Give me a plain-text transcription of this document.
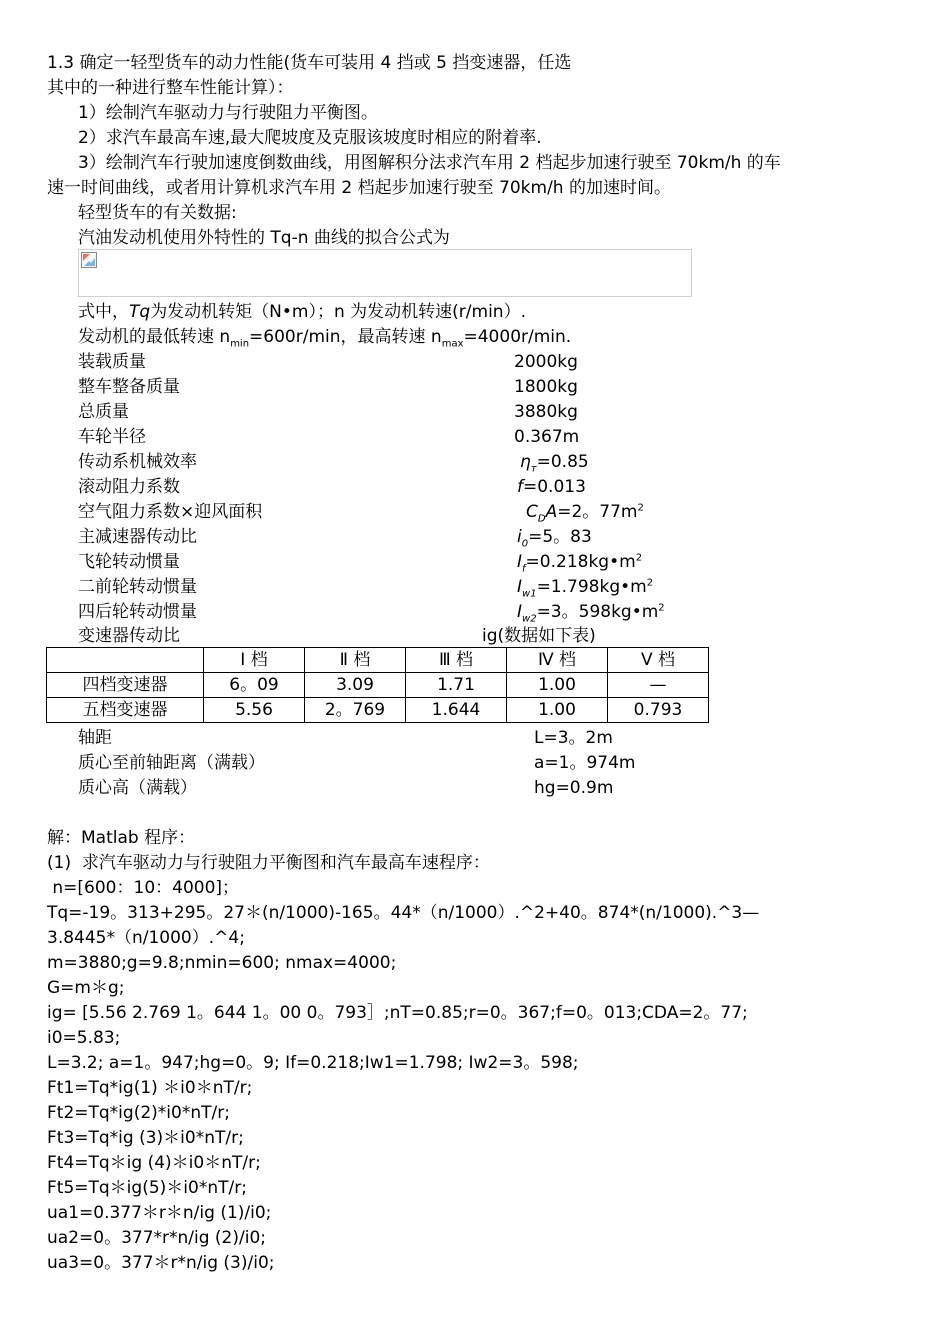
1.3 确定一轻型货车的动力性能(货车可装用 4 挡或 5 挡变速器，任选
其中的一种进行整车性能计算）：
1）绘制汽车驱动力与行驶阻力平衡图。
2）求汽车最高车速,最大爬坡度及克服该坡度时相应的附着率.
3）绘制汽车行驶加速度倒数曲线，用图解积分法求汽车用 2 档起步加速行驶至 70km/h 的车
速一时间曲线，或者用计算机求汽车用 2 档起步加速行驶至 70km/h 的加速时间。
轻型货车的有关数据:
汽油发动机使用外特性的 Tq-n 曲线的拟合公式为
式中，Tq为发动机转矩（N•m）；n 为发动机转速(r/min）.
发动机的最低转速 $n_{min}=600r/\min$，最高转速 $n_{max}=4000r/\min$.
装载质量	2000kg
整车整备质量	1800kg
总质量	3880kg
车轮半径	0.367m
传动系机械效率	$\eta_т=0.85$
滚动阻力系数	f=0.013
空气阻力系数×迎风面积	$C_DA=2$。$77m^2$
主减速器传动比	$i_0=5$。83
飞轮转动惯量	$I_f=0.218kg•m^2$
二前轮转动惯量	$I_{w1}=1.798kg•m^2$
四后轮转动惯量	$I_{w2}=3$。$598kg•m^2$
变速器传动比	ig(数据如下表)
	Ⅰ 档	Ⅱ 档	Ⅲ 档	Ⅳ 档	Ⅴ 档
四档变速器	6。09	3.09	1.71	1.00	—
五档变速器	5.56	2。769	1.644	1.00	0.793
轴距	L=3。2m
质心至前轴距离（满载）	a=1。974m
质心高（满载）	hg=0.9m
解：Matlab 程序：
(1)  求汽车驱动力与行驶阻力平衡图和汽车最高车速程序：
n=[600：10：4000]；
Tq=-19。313+295。27＊(n/1000)-165。44*（n/1000）.^2+40。874*(n/1000).^3—
3.8445*（n/1000）.^4;
m=3880;g=9.8;nmin=600; nmax=4000;
G=m＊g;
ig= [5.56 2.769 1。644 1。00 0。793］;nT=0.85;r=0。367;f=0。013;CDA=2。77;
i0=5.83;
L=3.2; a=1。947;hg=0。9; If=0.218;Iw1=1.798; Iw2=3。598;
Ft1=Tq*ig(1) ＊i0＊nT/r;
Ft2=Tq*ig(2)*i0*nT/r;
Ft3=Tq*ig (3)＊i0*nT/r;
Ft4=Tq＊ig (4)＊i0＊nT/r;
Ft5=Tq＊ig(5)＊i0*nT/r;
ua1=0.377＊r＊n/ig (1)/i0;
ua2=0。377*r*n/ig (2)/i0;
ua3=0。377＊r*n/ig (3)/i0;
